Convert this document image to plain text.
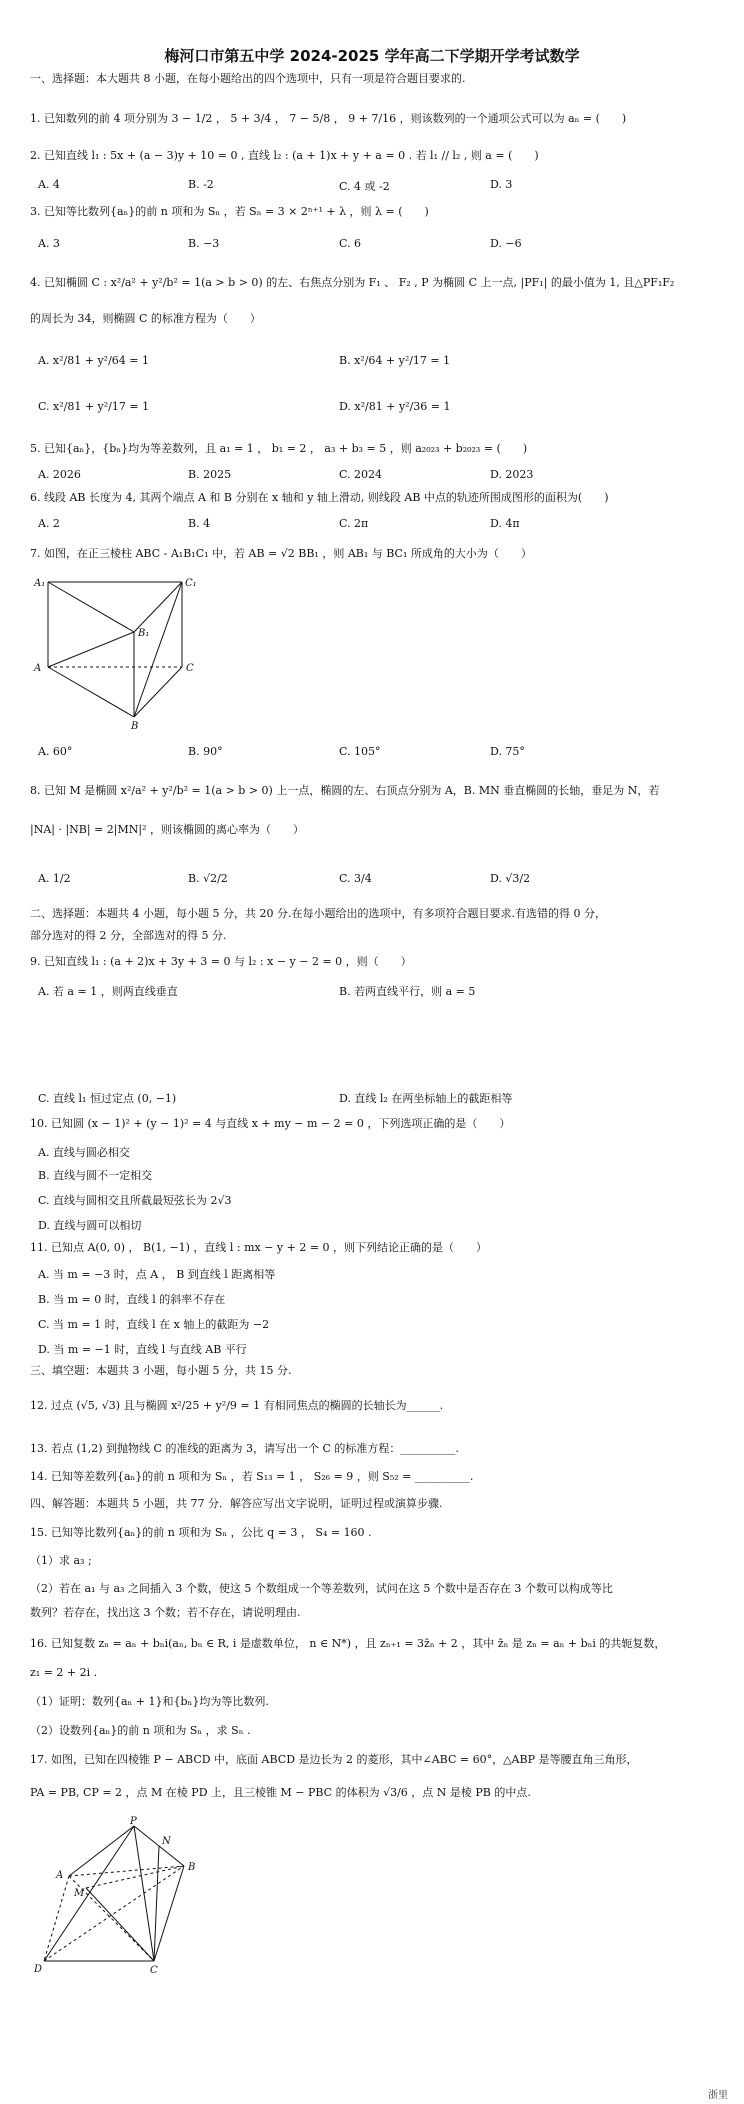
梅河口市第五中学 2024-2025 学年高二下学期开学考试数学
一、选择题：本大题共 8 小题，在每小题给出的四个选项中，只有一项是符合题目要求的.
1. 已知数列的前 4 项分别为 3 − 1/2 ， 5 + 3/4 ， 7 − 5/8 ， 9 + 7/16 ，则该数列的一个通项公式可以为 aₙ = (　　)
2. 已知直线 l₁ : 5x + (a − 3)y + 10 = 0 , 直线 l₂ : (a + 1)x + y + a = 0 . 若 l₁ // l₂ , 则 a = (　　)
A. 4	B. -2	C. 4 或 -2	D. 3
3. 已知等比数列{aₙ}的前 n 项和为 Sₙ ，若 Sₙ = 3 × 2ⁿ⁺¹ + λ ，则 λ = (　　)
A. 3	B. −3	C. 6	D. −6
4. 已知椭圆 C : x²/a² + y²/b² = 1(a > b > 0) 的左、右焦点分别为 F₁ 、 F₂ , P 为椭圆 C 上一点, |PF₁| 的最小值为 1, 且△PF₁F₂
的周长为 34，则椭圆 C 的标准方程为（　　）
A. x²/81 + y²/64 = 1	B. x²/64 + y²/17 = 1
C. x²/81 + y²/17 = 1	D. x²/81 + y²/36 = 1
5. 已知{aₙ}，{bₙ}均为等差数列，且 a₁ = 1 ， b₁ = 2 ， a₃ + b₃ = 5 ，则 a₂₀₂₃ + b₂₀₂₃ = (　　)
A. 2026	B. 2025	C. 2024	D. 2023
6. 线段 AB 长度为 4, 其两个端点 A 和 B 分别在 x 轴和 y 轴上滑动, 则线段 AB 中点的轨迹所围成图形的面积为(　　)
A. 2	B. 4	C. 2π	D. 4π
7. 如图，在正三棱柱 ABC - A₁B₁C₁ 中，若 AB = √2 BB₁ ，则 AB₁ 与 BC₁ 所成角的大小为（　　）
A₁	C₁
B₁
A	C
B
A. 60°	B. 90°	C. 105°	D. 75°
8. 已知 M 是椭圆 x²/a² + y²/b² = 1(a > b > 0) 上一点，椭圆的左、右顶点分别为 A，B. MN 垂直椭圆的长轴，垂足为 N，若
|NA| · |NB| = 2|MN|² ，则该椭圆的离心率为（　　）
A. 1/2	B. √2/2	C. 3/4	D. √3/2
二、选择题：本题共 4 小题，每小题 5 分，共 20 分.在每小题给出的选项中，有多项符合题目要求.有选错的得 0 分，
部分选对的得 2 分，全部选对的得 5 分.
9. 已知直线 l₁ : (a + 2)x + 3y + 3 = 0 与 l₂ : x − y − 2 = 0 ，则（　　）
A. 若 a = 1 ，则两直线垂直	B. 若两直线平行，则 a = 5
C. 直线 l₁ 恒过定点 (0, −1)	D. 直线 l₂ 在两坐标轴上的截距相等
10. 已知圆 (x − 1)² + (y − 1)² = 4 与直线 x + my − m − 2 = 0 ，下列选项正确的是（　　）
A. 直线与圆必相交
B. 直线与圆不一定相交
C. 直线与圆相交且所截最短弦长为 2√3
D. 直线与圆可以相切
11. 已知点 A(0, 0) ， B(1, −1) ，直线 l : mx − y + 2 = 0 ，则下列结论正确的是（　　）
A. 当 m = −3 时，点 A ， B 到直线 l 距离相等
B. 当 m = 0 时，直线 l 的斜率不存在
C. 当 m = 1 时，直线 l 在 x 轴上的截距为 −2
D. 当 m = −1 时，直线 l 与直线 AB 平行
三、填空题：本题共 3 小题，每小题 5 分，共 15 分.
12. 过点 (√5, √3) 且与椭圆 x²/25 + y²/9 = 1 有相同焦点的椭圆的长轴长为______.
13. 若点 (1,2) 到抛物线 C 的准线的距离为 3，请写出一个 C 的标准方程：__________.
14. 已知等差数列{aₙ}的前 n 项和为 Sₙ ，若 S₁₃ = 1 ， S₂₆ = 9 ，则 S₅₂ = __________.
四、解答题：本题共 5 小题，共 77 分．解答应写出文字说明，证明过程或演算步骤.
15. 已知等比数列{aₙ}的前 n 项和为 Sₙ ，公比 q = 3 ， S₄ = 160 .
（1）求 a₃ ;
（2）若在 a₁ 与 a₃ 之间插入 3 个数，使这 5 个数组成一个等差数列，试问在这 5 个数中是否存在 3 个数可以构成等比
数列？若存在，找出这 3 个数；若不存在，请说明理由.
16. 已知复数 zₙ = aₙ + bₙi(aₙ, bₙ ∈ R, i 是虚数单位， n ∈ N*) ，且 zₙ₊₁ = 3z̄ₙ + 2 ，其中 z̄ₙ 是 zₙ = aₙ + bₙi 的共轭复数，
z₁ = 2 + 2i .
（1）证明：数列{aₙ + 1}和{bₙ}均为等比数列.
（2）设数列{aₙ}的前 n 项和为 Sₙ ，求 Sₙ .
17. 如图，已知在四棱锥 P − ABCD 中，底面 ABCD 是边长为 2 的菱形，其中∠ABC = 60°，△ABP 是等腰直角三角形，
PA = PB, CP = 2 ，点 M 在棱 PD 上，且三棱锥 M − PBC 的体积为 √3/6 ，点 N 是棱 PB 的中点.
P
N
A
M
B
D	C
浙里
